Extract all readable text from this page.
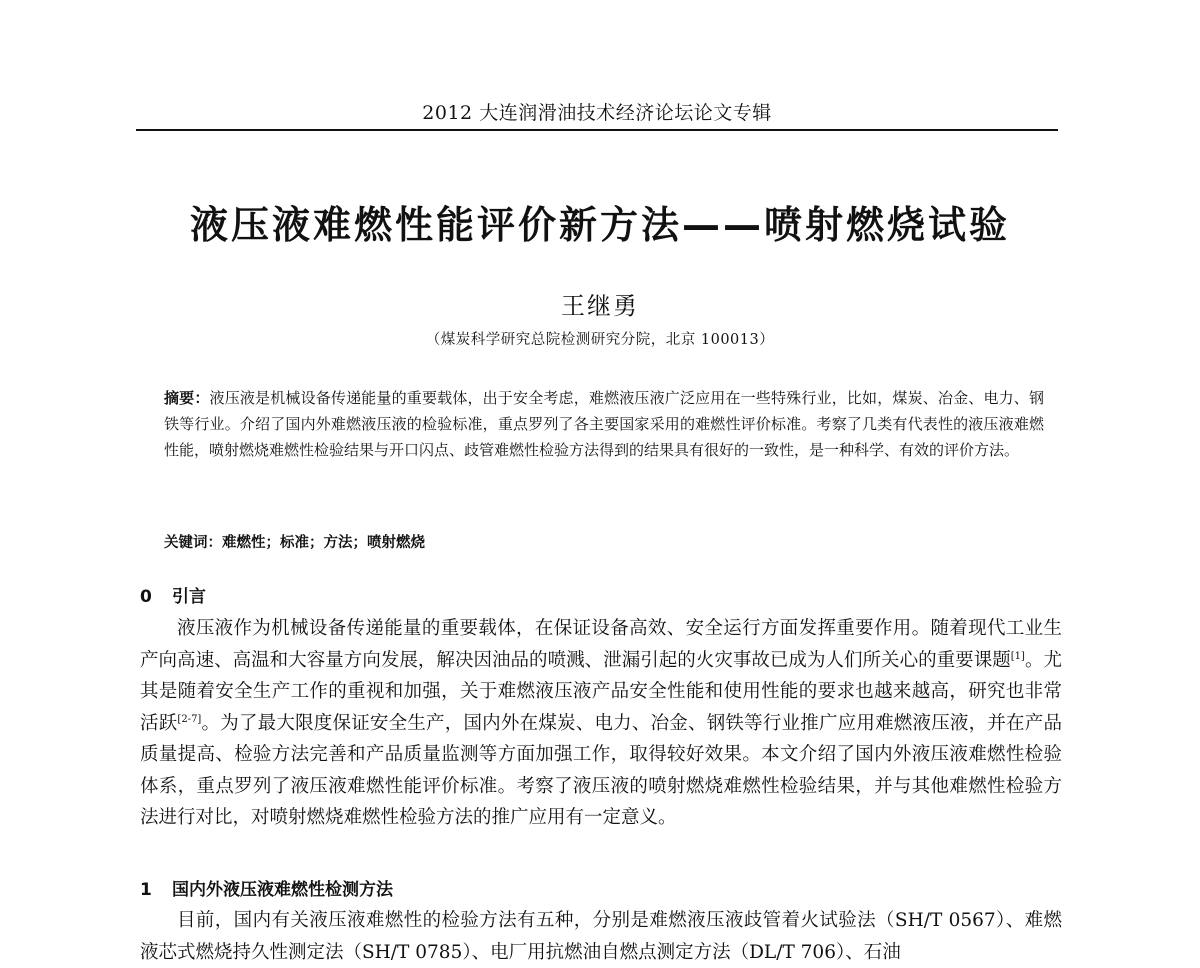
2012 大连润滑油技术经济论坛论文专辑
液压液难燃性能评价新方法——喷射燃烧试验
王继勇
（煤炭科学研究总院检测研究分院，北京 100013）

摘要：液压液是机械设备传递能量的重要载体，出于安全考虑，难燃液压液广泛应用在一些特殊行业，比如，煤炭、冶金、电力、钢铁等行业。介绍了国内外难燃液压液的检验标准，重点罗列了各主要国家采用的难燃性评价标准。考察了几类有代表性的液压液难燃性能，喷射燃烧难燃性检验结果与开口闪点、歧管难燃性检验方法得到的结果具有很好的一致性，是一种科学、有效的评价方法。

关键词：难燃性；标准；方法；喷射燃烧

0 引言

液压液作为机械设备传递能量的重要载体，在保证设备高效、安全运行方面发挥重要作用。随着现代工业生产向高速、高温和大容量方向发展，解决因油品的喷溅、泄漏引起的火灾事故已成为人们所关心的重要课题[1]。尤其是随着安全生产工作的重视和加强，关于难燃液压液产品安全性能和使用性能的要求也越来越高，研究也非常活跃[2-7]。为了最大限度保证安全生产，国内外在煤炭、电力、冶金、钢铁等行业推广应用难燃液压液，并在产品质量提高、检验方法完善和产品质量监测等方面加强工作，取得较好效果。本文介绍了国内外液压液难燃性检验体系，重点罗列了液压液难燃性能评价标准。考察了液压液的喷射燃烧难燃性检验结果，并与其他难燃性检验方法进行对比，对喷射燃烧难燃性检验方法的推广应用有一定意义。

1 国内外液压液难燃性检测方法

目前，国内有关液压液难燃性的检验方法有五种，分别是难燃液压液歧管着火试验法（SH/T 0567）、难燃液芯式燃烧持久性测定法（SH/T 0785）、电厂用抗燃油自燃点测定方法（DL/T 706）、石油
